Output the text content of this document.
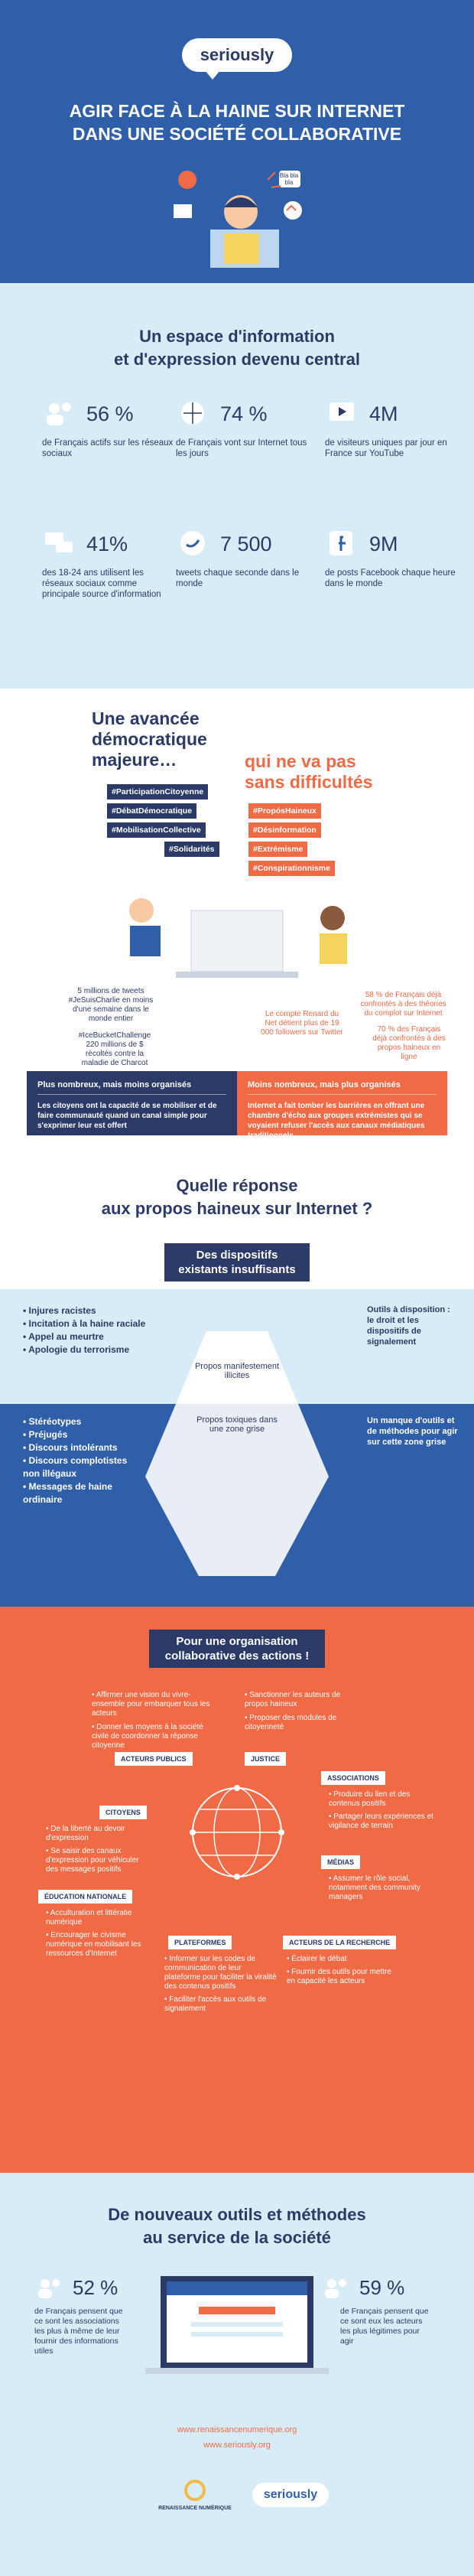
seriously
AGIR FACE À LA HAINE SUR INTERNET
DANS UNE SOCIÉTÉ COLLABORATIVE
Bla bla bla
Un espace d'information
et d'expression devenu central
56 %
de Français actifs sur les réseaux sociaux
74 %
de Français vont sur Internet tous les jours
4M
de visiteurs uniques par jour en France sur YouTube
41%
des 18-24 ans utilisent les réseaux sociaux comme principale source d'information
7 500
tweets chaque seconde dans le monde
9M
de posts Facebook chaque heure dans le monde
Une avancée
démocratique
majeure…	qui ne va pas
sans difficultés
#ParticipationCitoyenne
#DébatDémocratique
#MobilisationCollective
#Solidarités
#PropósHaineux
#Désinformation
#Extrémisme
#Conspirationnisme
5 millions de tweets #JeSuisCharlie en moins d'une semaine dans le monde entier
#IceBucketChallenge 220 millions de $ récoltés contre la maladie de Charcot
58 % de Français déjà confrontés à des théories du complot sur Internet
70 % des Français déjà confrontés à des propos haineux en ligne
Le compte Renard du Net détient plus de 19 000 followers sur Twitter
Plus nombreux, mais moins organisés
Les citoyens ont la capacité de se mobiliser et de faire communauté quand un canal simple pour s'exprimer leur est offert
Moins nombreux, mais plus organisés
Internet a fait tomber les barrières en offrant une chambre d'écho aux groupes extrémistes qui se voyaient refuser l'accès aux canaux médiatiques traditionnels
Quelle réponse
aux propos haineux sur Internet ?
Des dispositifs
existants insuffisants
Propos manifestement illicites
Propos toxiques dans une zone grise
• Injures racistes
• Incitation à la haine raciale
• Appel au meurtre
• Apologie du terrorisme
• Stéréotypes
• Préjugés
• Discours intolérants
• Discours complotistes non illégaux
• Messages de haine ordinaire
Outils à disposition : le droit et les dispositifs de signalement
Un manque d'outils et de méthodes pour agir sur cette zone grise
Pour une organisation
collaborative des actions !
• Affirmer une vision du vivre-ensemble pour embarquer tous les acteurs
• Donner les moyens à la société civile de coordonner la réponse citoyenne
• Sanctionner les auteurs de propos haineux
• Proposer des modules de citoyenneté
ACTEURS PUBLICS	JUSTICE
ASSOCIATIONS
CITOYENS
MÉDIAS
ÉDUCATION NATIONALE
PLATEFORMES	ACTEURS DE LA RECHERCHE
• Produire du lien et des contenus positifs
• Partager leurs expériences et vigilance de terrain
• De la liberté au devoir d'expression
• Se saisir des canaux d'expression pour véhiculer des messages positifs
• Assumer le rôle social, notamment des community managers
• Acculturation et littératie numérique
• Encourager le civisme numérique en mobilisant les ressources d'Internet
• Informer sur les codes de communication de leur plateforme pour faciliter la viralité des contenus positifs
• Faciliter l'accès aux outils de signalement
• Éclairer le débat
• Fournir des outils pour mettre en capacité les acteurs
De nouveaux outils et méthodes
au service de la société
52 %
de Français pensent que ce sont les associations les plus à même de leur fournir des informations utiles
59 %
de Français pensent que ce sont eux les acteurs les plus légitimes pour agir
www.renaissancenumerique.org
www.seriously.org
RENAISSANCE NUMÉRIQUE
seriously
